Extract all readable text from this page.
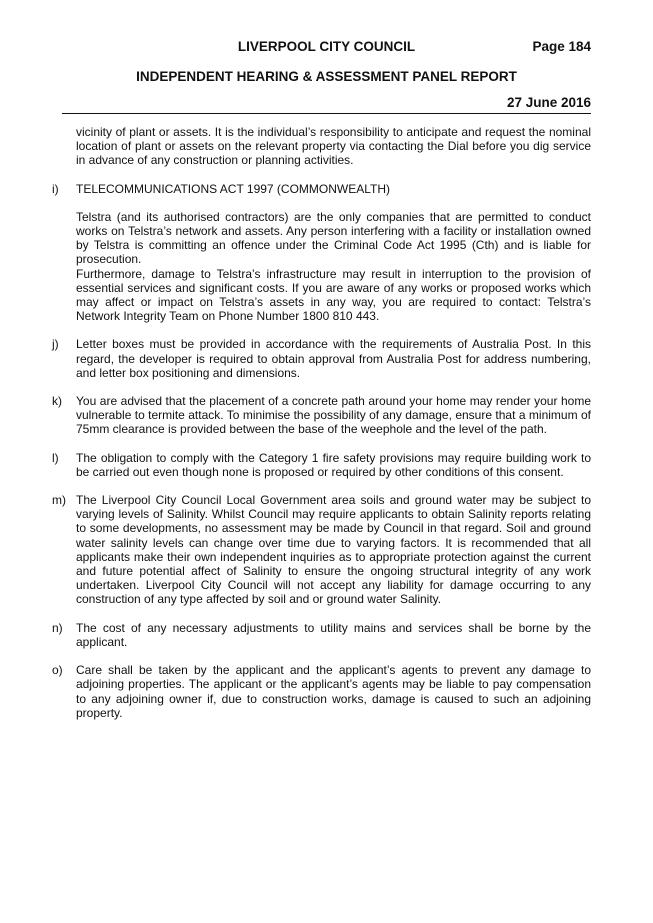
LIVERPOOL CITY COUNCIL	Page 184
INDEPENDENT HEARING & ASSESSMENT PANEL REPORT
27 June 2016

vicinity of plant or assets. It is the individual’s responsibility to anticipate and request the nominal location of plant or assets on the relevant property via contacting the Dial before you dig service in advance of any construction or planning activities.

i) TELECOMMUNICATIONS ACT 1997 (COMMONWEALTH)

Telstra (and its authorised contractors) are the only companies that are permitted to conduct works on Telstra’s network and assets. Any person interfering with a facility or installation owned by Telstra is committing an offence under the Criminal Code Act 1995 (Cth) and is liable for prosecution.

Furthermore, damage to Telstra’s infrastructure may result in interruption to the provision of essential services and significant costs. If you are aware of any works or proposed works which may affect or impact on Telstra’s assets in any way, you are required to contact: Telstra’s Network Integrity Team on Phone Number 1800 810 443.

j) Letter boxes must be provided in accordance with the requirements of Australia Post. In this regard, the developer is required to obtain approval from Australia Post for address numbering, and letter box positioning and dimensions.

k) You are advised that the placement of a concrete path around your home may render your home vulnerable to termite attack. To minimise the possibility of any damage, ensure that a minimum of 75mm clearance is provided between the base of the weephole and the level of the path.

l) The obligation to comply with the Category 1 fire safety provisions may require building work to be carried out even though none is proposed or required by other conditions of this consent.

m) The Liverpool City Council Local Government area soils and ground water may be subject to varying levels of Salinity. Whilst Council may require applicants to obtain Salinity reports relating to some developments, no assessment may be made by Council in that regard. Soil and ground water salinity levels can change over time due to varying factors. It is recommended that all applicants make their own independent inquiries as to appropriate protection against the current and future potential affect of Salinity to ensure the ongoing structural integrity of any work undertaken. Liverpool City Council will not accept any liability for damage occurring to any construction of any type affected by soil and or ground water Salinity.

n) The cost of any necessary adjustments to utility mains and services shall be borne by the applicant.

o) Care shall be taken by the applicant and the applicant’s agents to prevent any damage to adjoining properties. The applicant or the applicant’s agents may be liable to pay compensation to any adjoining owner if, due to construction works, damage is caused to such an adjoining property.
